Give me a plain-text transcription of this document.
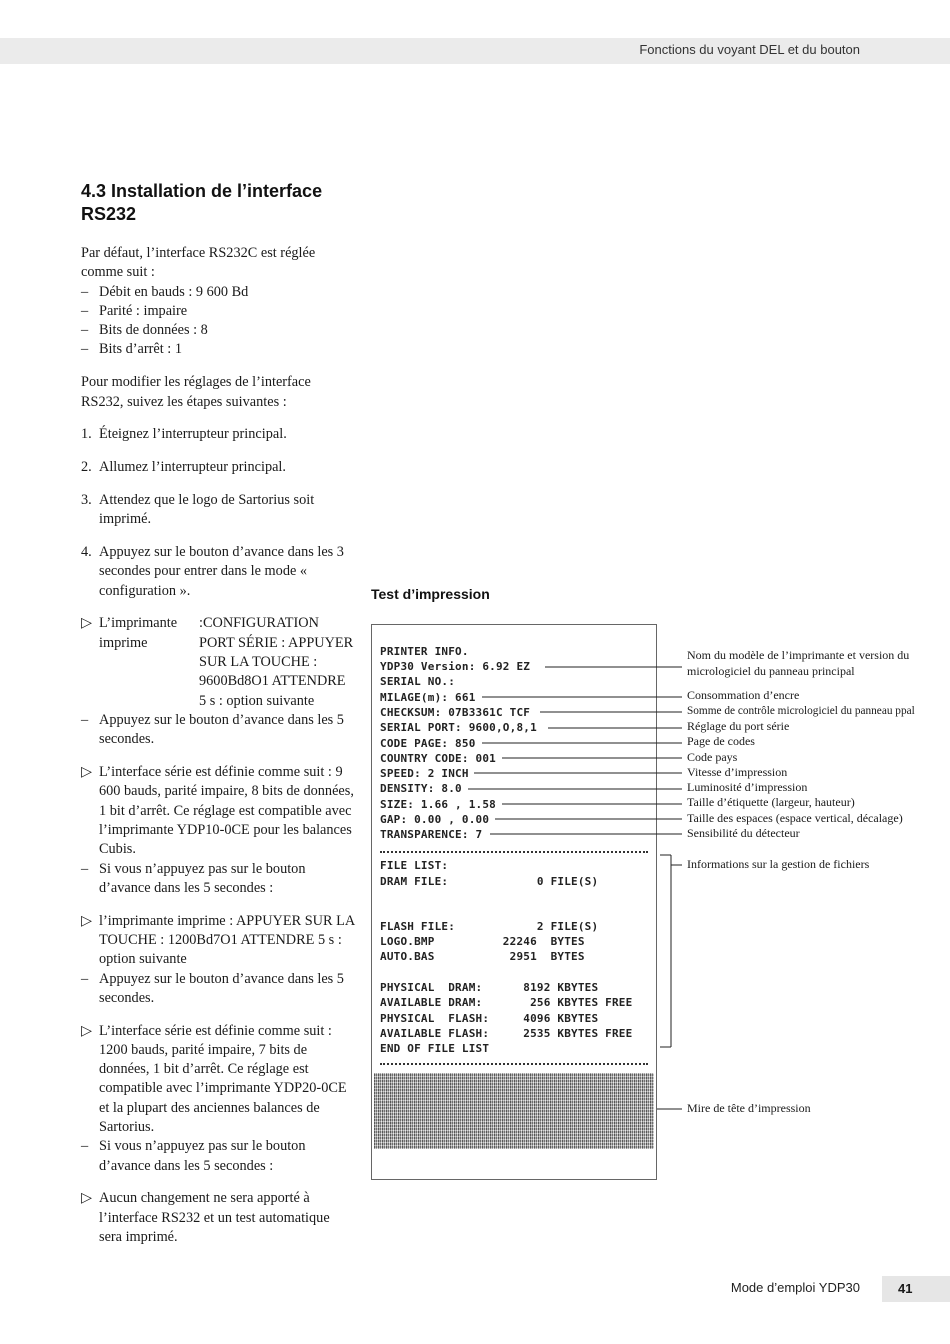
Fonctions du voyant DEL et du bouton
4.3 Installation de l’interface RS232
Par défaut, l’interface RS232C est réglée comme suit :
– Débit en bauds : 9 600 Bd
– Parité : impaire
– Bits de données : 8
– Bits d’arrêt : 1

Pour modifier les réglages de l’interface RS232, suivez les étapes suivantes :

1. Éteignez l’interrupteur principal.

2. Allumez l’interrupteur principal.

3. Attendez que le logo de Sartorius soit imprimé.

4. Appuyez sur le bouton d’avance dans les 3 secondes pour entrer dans le mode « configuration ».

▷ L’imprimante imprime
:CONFIGURATION PORT SÉRIE : APPUYER SUR LA TOUCHE : 9600Bd8O1 ATTENDRE 5 s : option suivante
– Appuyez sur le bouton d’avance dans les 5 secondes.
▷ L’interface série est définie comme suit : 9 600 bauds, parité impaire, 8 bits de données, 1 bit d’arrêt. Ce réglage est compatible avec l’imprimante YDP10-0CE pour les balances Cubis.
– Si vous n’appuyez pas sur le bouton d’avance dans les 5 secondes :
▷ l’imprimante imprime : APPUYER SUR LA TOUCHE : 1200Bd7O1 ATTENDRE 5 s : option suivante
– Appuyez sur le bouton d’avance dans les 5 secondes.
▷ L’interface série est définie comme suit : 1200 bauds, parité impaire, 7 bits de données, 1 bit d’arrêt. Ce réglage est compatible avec l’imprimante YDP20-0CE et la plupart des anciennes balances de Sartorius.
– Si vous n’appuyez pas sur le bouton d’avance dans les 5 secondes :
▷ Aucun changement ne sera apporté à l’interface RS232 et un test automatique sera imprimé.
Test d’impression
PRINTER INFO.
YDP30 Version: 6.92 EZ
SERIAL NO.:
MILAGE(m): 661
CHECKSUM: 07B3361C TCF
SERIAL PORT: 9600,O,8,1
CODE PAGE: 850
COUNTRY CODE: 001
SPEED: 2 INCH
DENSITY: 8.0
SIZE: 1.66 , 1.58
GAP: 0.00 , 0.00
TRANSPARENCE: 7
FILE LIST:
DRAM FILE:             0 FILE(S)
FLASH FILE:            2 FILE(S)
LOGO.BMP          22246  BYTES
AUTO.BAS           2951  BYTES
PHYSICAL  DRAM:      8192 KBYTES
AVAILABLE DRAM:       256 KBYTES FREE
PHYSICAL  FLASH:     4096 KBYTES
AVAILABLE FLASH:     2535 KBYTES FREE
END OF FILE LIST
Nom du modèle de l’imprimante et version du micrologiciel du panneau principal
Consommation d’encre
Somme de contrôle micrologiciel du panneau ppal
Réglage du port série
Page de codes
Code pays
Vitesse d’impression
Luminosité d’impression
Taille d’étiquette (largeur, hauteur)
Taille des espaces (espace vertical, décalage)
Sensibilité du détecteur
Informations sur la gestion de fichiers
Mire de tête d’impression
Mode d’emploi YDP30	41
